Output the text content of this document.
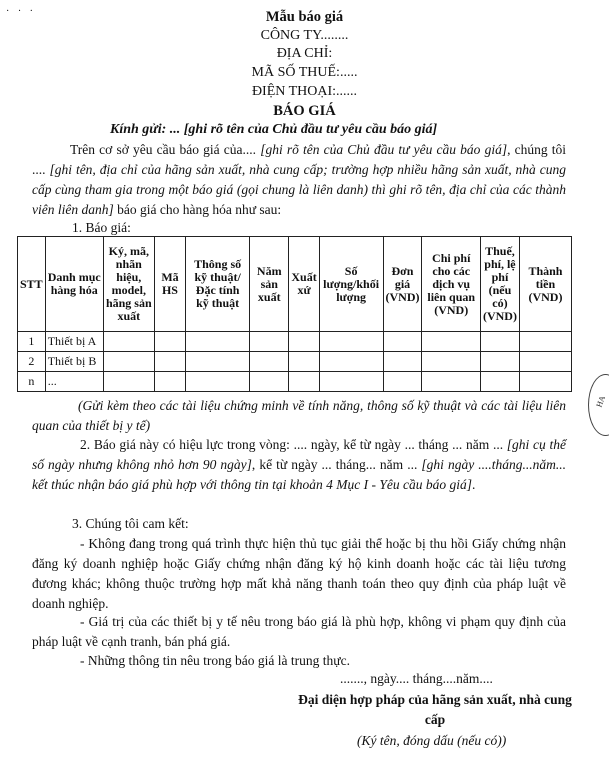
· · ·	Mẫu báo giá
CÔNG TY........
ĐỊA CHỈ:
MÃ SỐ THUẾ:.....
ĐIỆN THOẠI:......
BÁO GIÁ
Kính gửi: ... [ghi rõ tên của Chủ đầu tư yêu cầu báo giá]
Trên cơ sở yêu cầu báo giá của.... [ghi rõ tên của Chủ đầu tư yêu cầu báo giá], chúng tôi .... [ghi tên, địa chỉ của hãng sản xuất, nhà cung cấp; trường hợp nhiều hãng sản xuất, nhà cung cấp cùng tham gia trong một báo giá (gọi chung là liên danh) thì ghi rõ tên, địa chỉ của các thành viên liên danh] báo giá cho hàng hóa như sau:
1. Báo giá:
STT	Danh mục hàng hóa	Ký, mã, nhãn hiệu, model, hãng sản xuất	Mã HS	Thông số kỹ thuật/Đặc tính kỹ thuật	Năm sản xuất	Xuất xứ	Số lượng/khối lượng	Đơn giá (VND)	Chi phí cho các dịch vụ liên quan (VND)	Thuế, phí, lệ phí (nếu có) (VND)	Thành tiền (VND)
1	Thiết bị A										
2	Thiết bị B										
n	...										
(Gửi kèm theo các tài liệu chứng minh về tính năng, thông số kỹ thuật và các tài liệu liên quan của thiết bị y tế)
2. Báo giá này có hiệu lực trong vòng: .... ngày, kể từ ngày ... tháng ... năm ... [ghi cụ thể số ngày nhưng không nhỏ hơn 90 ngày], kể từ ngày ... tháng... năm ... [ghi ngày ....tháng...năm... kết thúc nhận báo giá phù hợp với thông tin tại khoản 4 Mục I - Yêu cầu báo giá].
3. Chúng tôi cam kết:
- Không đang trong quá trình thực hiện thủ tục giải thể hoặc bị thu hồi Giấy chứng nhận đăng ký doanh nghiệp hoặc Giấy chứng nhận đăng ký hộ kinh doanh hoặc các tài liệu tương đương khác; không thuộc trường hợp mất khả năng thanh toán theo quy định của pháp luật về doanh nghiệp.
- Giá trị của các thiết bị y tế nêu trong báo giá là phù hợp, không vi phạm quy định của pháp luật về cạnh tranh, bán phá giá.
- Những thông tin nêu trong báo giá là trung thực.
......., ngày.... tháng....năm....
Đại diện hợp pháp của hãng sản xuất, nhà cung cấp
(Ký tên, đóng dấu (nếu có))
HA
